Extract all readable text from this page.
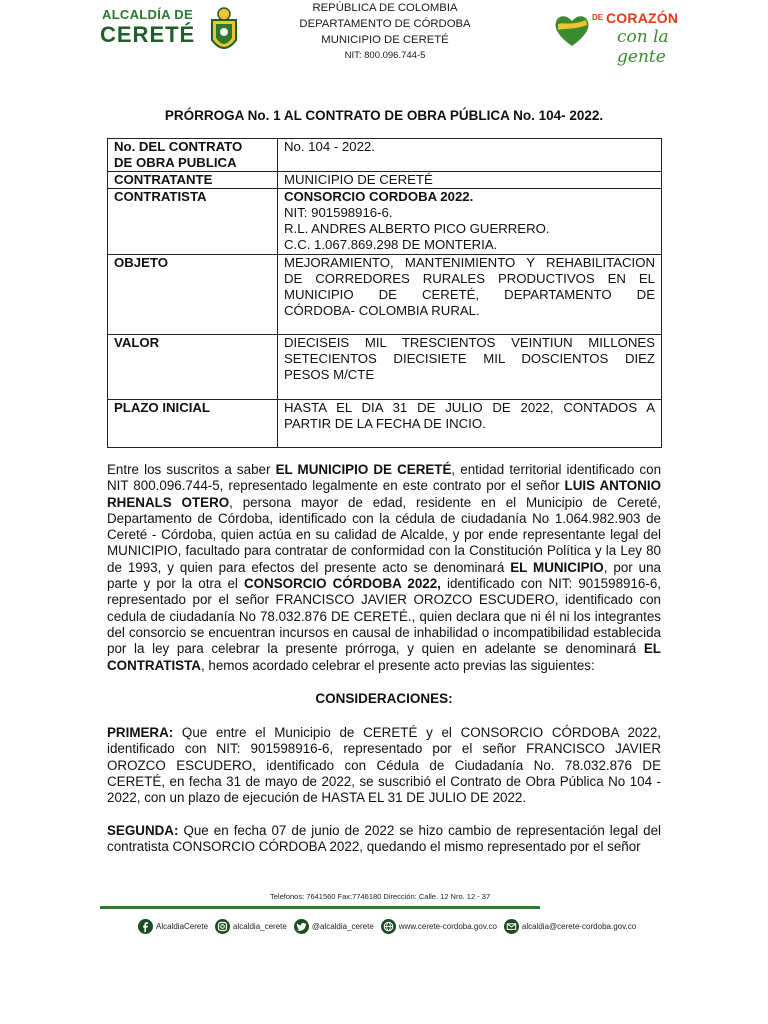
ALCALDÍA DE
CERETÉ
REPÚBLICA DE COLOMBIA
DEPARTAMENTO DE CÓRDOBA
MUNICIPIO DE CERETÉ
NIT: 800.096.744-5
DE CORAZÓN
con la gente
PRÓRROGA No. 1 AL CONTRATO DE OBRA PÚBLICA No. 104- 2022.
No. DEL CONTRATO
DE OBRA PUBLICA	No. 104 - 2022.
CONTRATANTE	MUNICIPIO DE CERETÉ
CONTRATISTA	CONSORCIO CORDOBA 2022.
NIT: 901598916-6.
R.L. ANDRES ALBERTO PICO GUERRERO.
C.C. 1.067.869.298 DE MONTERIA.

OBJETO	MEJORAMIENTO, MANTENIMIENTO Y REHABILITACION
DE CORREDORES RURALES PRODUCTIVOS EN EL
MUNICIPIO DE CERETÉ, DEPARTAMENTO DE
CÓRDOBA- COLOMBIA RURAL.

VALOR	DIECISEIS MIL TRESCIENTOS VEINTIUN MILLONES
SETECIENTOS DIECISIETE MIL DOSCIENTOS DIEZ
PESOS M/CTE

PLAZO INICIAL	HASTA EL DIA 31 DE JULIO DE 2022, CONTADOS A
PARTIR DE LA FECHA DE INCIO.
Entre los suscritos a saber EL MUNICIPIO DE CERETÉ, entidad territorial identificado con NIT 800.096.744-5, representado legalmente en este contrato por el señor LUIS ANTONIO RHENALS OTERO, persona mayor de edad, residente en el Municipio de Cereté, Departamento de Córdoba, identificado con la cédula de ciudadanía No 1.064.982.903 de Cereté - Córdoba, quien actúa en su calidad de Alcalde, y por ende representante legal del MUNICIPIO, facultado para contratar de conformidad con la Constitución Política y la Ley 80 de 1993, y quien para efectos del presente acto se denominará EL MUNICIPIO, por una parte y por la otra el CONSORCIO CÓRDOBA 2022, identificado con NIT: 901598916-6, representado por el señor FRANCISCO JAVIER OROZCO ESCUDERO, identificado con cedula de ciudadanía No 78.032.876 DE CERETÉ., quien declara que ni él ni los integrantes del consorcio se encuentran incursos en causal de inhabilidad o incompatibilidad establecida por la ley para celebrar la presente prórroga, y quien en adelante se denominará EL CONTRATISTA, hemos acordado celebrar el presente acto previas las siguientes:
CONSIDERACIONES:
PRIMERA: Que entre el Municipio de CERETÉ y el CONSORCIO CÓRDOBA 2022, identificado con NIT: 901598916-6, representado por el señor FRANCISCO JAVIER OROZCO ESCUDERO, identificado con Cédula de Ciudadanía No. 78.032.876 DE CERETÉ, en fecha 31 de mayo de 2022, se suscribió el Contrato de Obra Pública No 104 - 2022, con un plazo de ejecución de HASTA EL 31 DE JULIO DE 2022.
SEGUNDA: Que en fecha 07 de junio de 2022 se hizo cambio de representación legal del contratista CONSORCIO CÓRDOBA 2022, quedando el mismo representado por el señor
Telefonos: 7641560 Fax:7746180 Dirección: Calle. 12 Nro. 12 - 37
AlcaldiaCerete	alcaldia_cerete	@alcaldia_cerete	www.cerete-cordoba.gov.co	alcaldia@cerete-cordoba.gov.co
